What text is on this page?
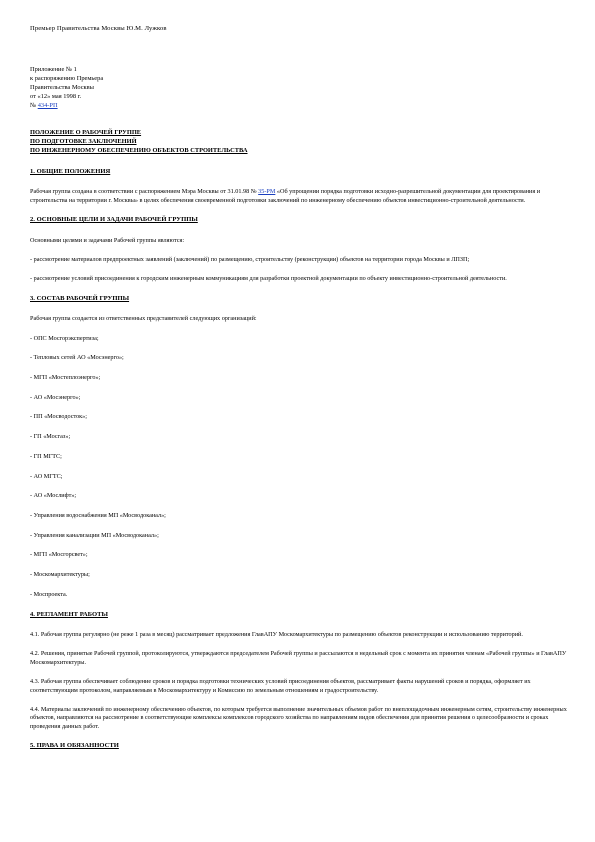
Премьер Правительства Москвы Ю.М. Лужков
Приложение № 1
к распоряжению Премьера
Правительства Москвы
от «12» мая 1998 г.
№ 434-РП
ПОЛОЖЕНИЕ О РАБОЧЕЙ ГРУППЕ
ПО ПОДГОТОВКЕ ЗАКЛЮЧЕНИЙ
ПО ИНЖЕНЕРНОМУ ОБЕСПЕЧЕНИЮ ОБЪЕКТОВ СТРОИТЕЛЬСТВА
1. ОБЩИЕ ПОЛОЖЕНИЯ

Рабочая группа создана в соответствии с распоряжением Мэра Москвы от 31.01.98 № 35-РМ «Об упрощении порядка подготовки исходно-разрешительной документации для проектирования и строительства на территории г. Москвы» в целях обеспечения своевременной подготовки заключений по инженерному обеспечению объектов инвестиционно-строительной деятельности.

2. ОСНОВНЫЕ ЦЕЛИ И ЗАДАЧИ РАБОЧЕЙ ГРУППЫ

Основными целями и задачами Рабочей группы являются:

- рассмотрение материалов предпроектных заявлений (заключений) по размещению, строительству (реконструкции) объектов на территории города Москвы и ЛПЗП;

- рассмотрение условий присоединения к городским инженерным коммуникациям для разработки проектной документации по объекту инвестиционно-строительной деятельности.

3. СОСТАВ РАБОЧЕЙ ГРУППЫ

Рабочая группа создается из ответственных представителей следующих организаций:

- ОПС Мосгорэкспертиза;
- Тепловых сетей АО «Мосэнерго»;
- МГП «Мостеплоэнерго»;
- АО «Мосэнерго»;
- ПП «Мосводосток»;
- ГП «Мосгаз»;
- ГП МГТС;
- АО МГТС;
- АО «Мослифт»;
- Управления водоснабжения МП «Мосводоканал»;
- Управления канализации МП «Мосводоканал»;
- МГП «Мосгорсвет»;
- Москомархитектуры;
- Моспроекта.
4. РЕГЛАМЕНТ РАБОТЫ

4.1. Рабочая группа регулярно (не реже 1 раза в месяц) рассматривает предложения ГлавАПУ Москомархитектуры по размещению объектов реконструкции и использованию территорий.

4.2. Решения, принятые Рабочей группой, протоколируются, утверждаются председателем Рабочей группы и рассылаются в недельный срок с момента их принятия членам «Рабочей группы» и ГлавАПУ Москомархитектуры.

4.3. Рабочая группа обеспечивает соблюдение сроков и порядка подготовки технических условий присоединения объектов, рассматривает факты нарушений сроков и порядка, оформляет их соответствующим протоколом, направляемым в Москомархитектуру и Комиссию по земельным отношениям и градостроительству.

4.4. Материалы заключений по инженерному обеспечению объектов, по которым требуется выполнение значительных объемов работ по внеплощадочным инженерным сетям, строительству инженерных объектов, направляются на рассмотрение в соответствующие комплексы комплексов городского хозяйства по направлениям видов обеспечения для принятия решения о целесообразности и сроках проведения данных работ.

5. ПРАВА И ОБЯЗАННОСТИ
